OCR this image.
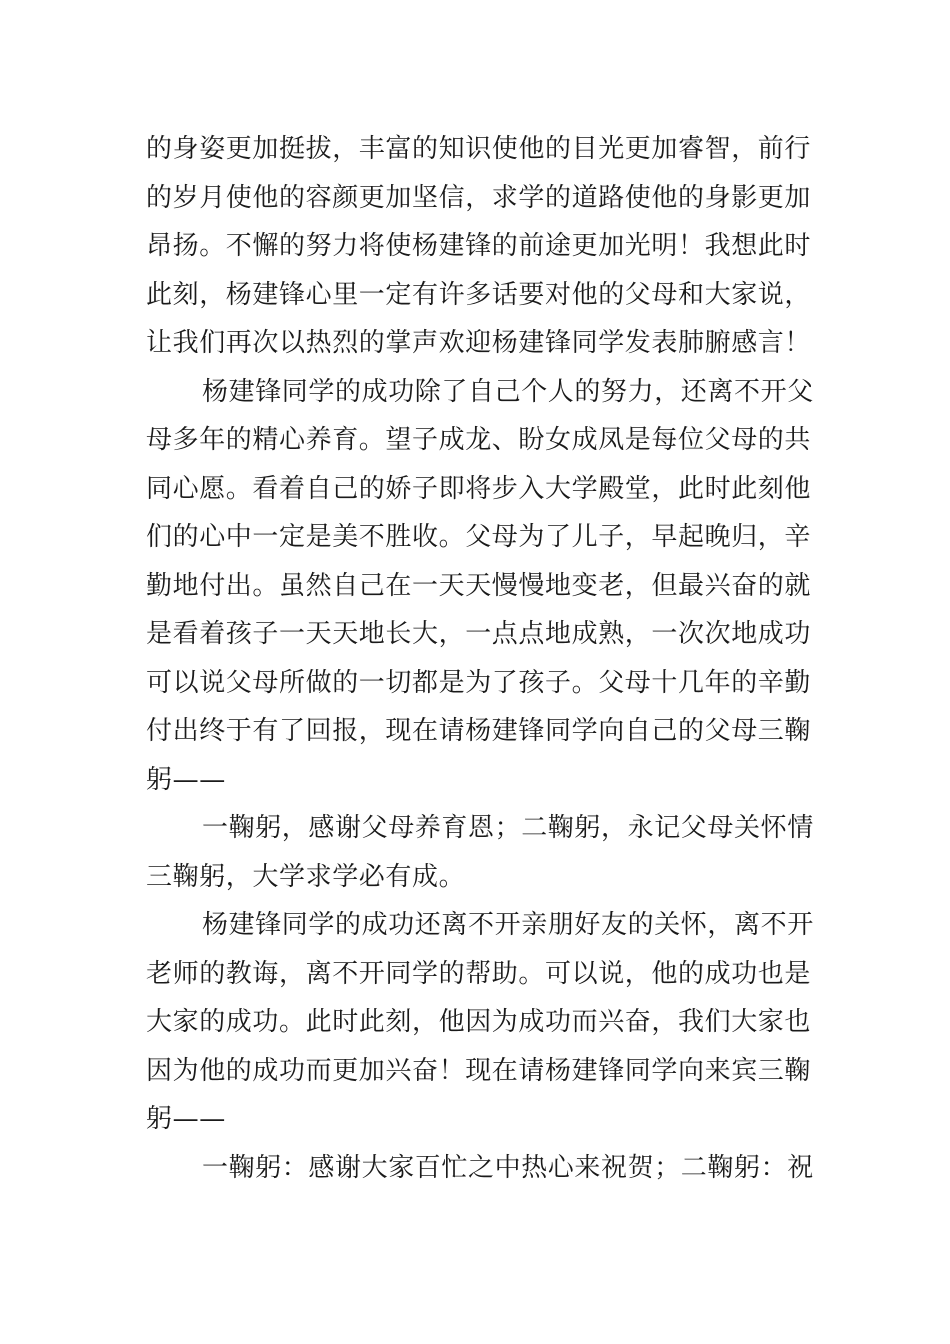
的身姿更加挺拔，丰富的知识使他的目光更加睿智，前行
的岁月使他的容颜更加坚信，求学的道路使他的身影更加
昂扬。不懈的努力将使杨建锋的前途更加光明！我想此时
此刻，杨建锋心里一定有许多话要对他的父母和大家说，
让我们再次以热烈的掌声欢迎杨建锋同学发表肺腑感言！
杨建锋同学的成功除了自己个人的努力，还离不开父
母多年的精心养育。望子成龙、盼女成凤是每位父母的共
同心愿。看着自己的娇子即将步入大学殿堂，此时此刻他
们的心中一定是美不胜收。父母为了儿子，早起晚归，辛
勤地付出。虽然自己在一天天慢慢地变老，但最兴奋的就
是看着孩子一天天地长大，一点点地成熟，一次次地成功
可以说父母所做的一切都是为了孩子。父母十几年的辛勤
付出终于有了回报，现在请杨建锋同学向自己的父母三鞠
躬——
一鞠躬，感谢父母养育恩；二鞠躬，永记父母关怀情
三鞠躬，大学求学必有成。
杨建锋同学的成功还离不开亲朋好友的关怀，离不开
老师的教诲，离不开同学的帮助。可以说，他的成功也是
大家的成功。此时此刻，他因为成功而兴奋，我们大家也
因为他的成功而更加兴奋！现在请杨建锋同学向来宾三鞠
躬——
一鞠躬：感谢大家百忙之中热心来祝贺；二鞠躬：祝
